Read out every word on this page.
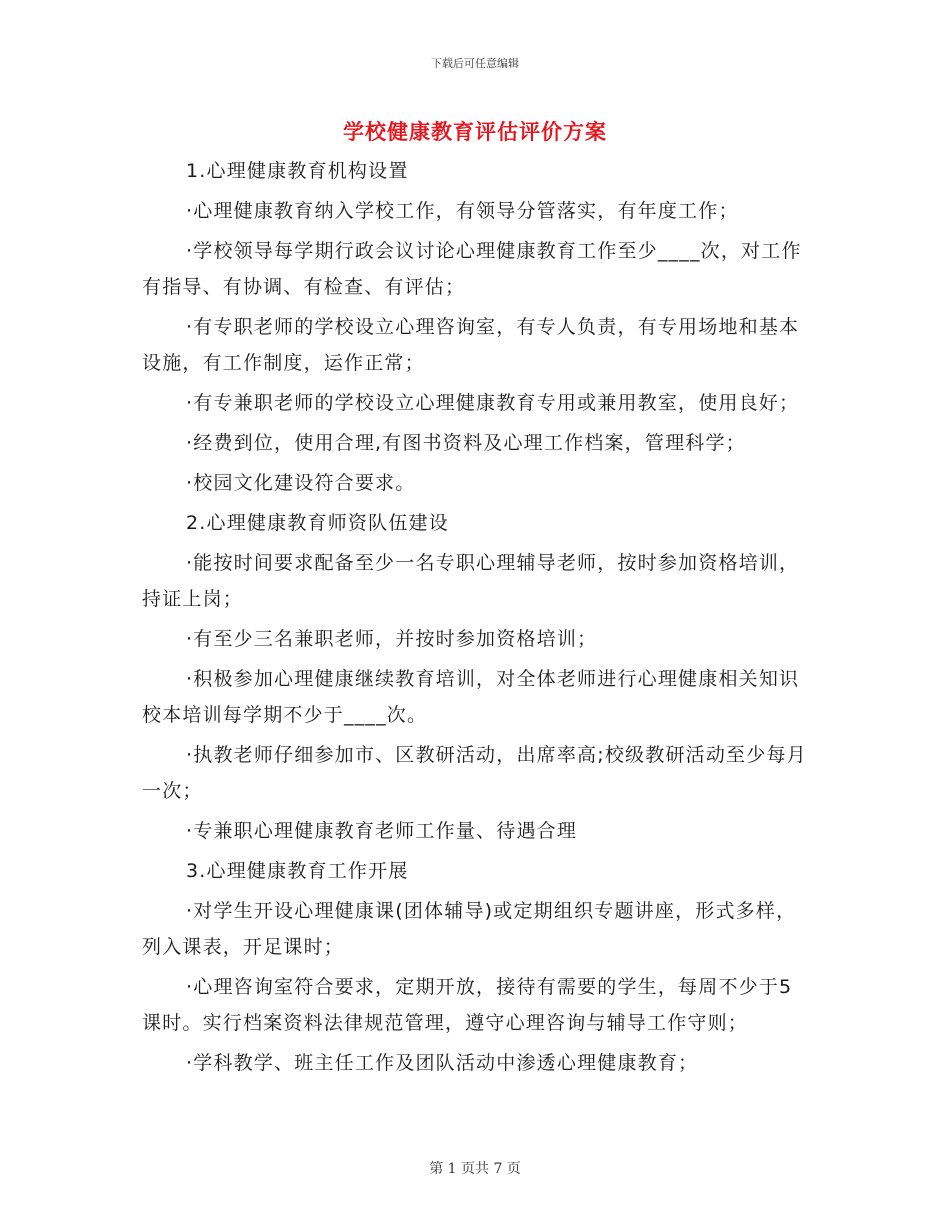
下载后可任意编辑
学校健康教育评估评价方案

1.心理健康教育机构设置

·心理健康教育纳入学校工作，有领导分管落实，有年度工作；

·学校领导每学期行政会议讨论心理健康教育工作至少____次，对工作有指导、有协调、有检查、有评估；

·有专职老师的学校设立心理咨询室，有专人负责，有专用场地和基本设施，有工作制度，运作正常；

·有专兼职老师的学校设立心理健康教育专用或兼用教室，使用良好；

·经费到位，使用合理,有图书资料及心理工作档案，管理科学；

·校园文化建设符合要求。

2.心理健康教育师资队伍建设

·能按时间要求配备至少一名专职心理辅导老师，按时参加资格培训，持证上岗；

·有至少三名兼职老师，并按时参加资格培训；

·积极参加心理健康继续教育培训，对全体老师进行心理健康相关知识校本培训每学期不少于____次。

·执教老师仔细参加市、区教研活动，出席率高;校级教研活动至少每月一次；

·专兼职心理健康教育老师工作量、待遇合理

3.心理健康教育工作开展

·对学生开设心理健康课(团体辅导)或定期组织专题讲座，形式多样，列入课表，开足课时；

·心理咨询室符合要求，定期开放，接待有需要的学生，每周不少于5课时。实行档案资料法律规范管理，遵守心理咨询与辅导工作守则；

·学科教学、班主任工作及团队活动中渗透心理健康教育；

第 1 页共 7 页
